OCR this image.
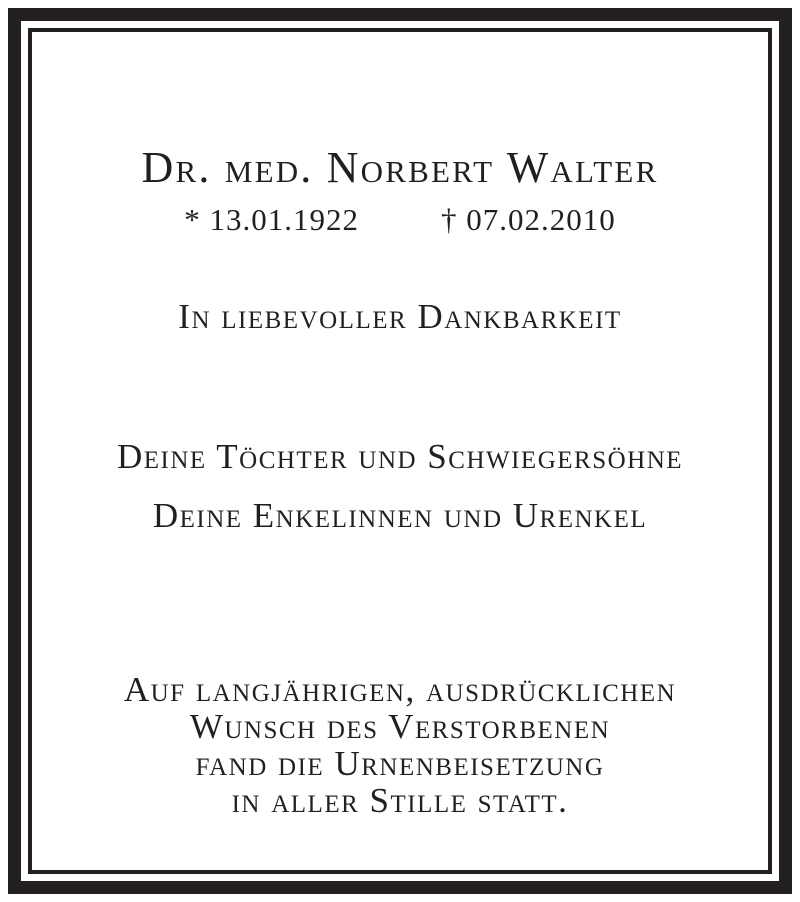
Dr. med. Norbert Walter
* 13.01.1922	† 07.02.2010
In liebevoller Dankbarkeit
Deine Töchter und Schwiegersöhne
Deine Enkelinnen und Urenkel
Auf langjährigen, ausdrücklichen
Wunsch des Verstorbenen
fand die Urnenbeisetzung
in aller Stille statt.
